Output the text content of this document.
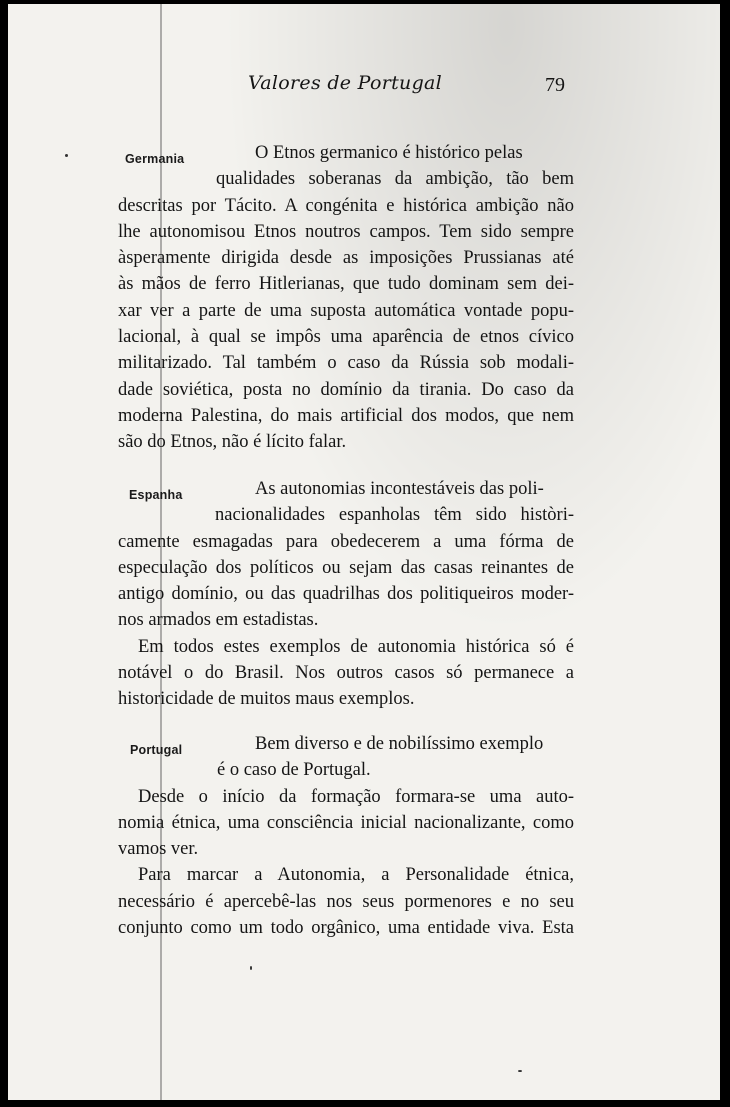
Valores de Portugal	79
Germania	O Etnos germanico é histórico pelas
qualidades soberanas da ambição, tão bem
descritas por Tácito. A congénita e histórica ambição não
lhe autonomisou Etnos noutros campos. Tem sido sempre
àsperamente dirigida desde as imposições Prussianas até
às mãos de ferro Hitlerianas, que tudo dominam sem dei-
xar ver a parte de uma suposta automática vontade popu-
lacional, à qual se impôs uma aparência de etnos cívico
militarizado. Tal também o caso da Rússia sob modali-
dade soviética, posta no domínio da tirania. Do caso da
moderna Palestina, do mais artificial dos modos, que nem
são do Etnos, não é lícito falar.
Espanha	As autonomias incontestáveis das poli-
nacionalidades espanholas têm sido històri-
camente esmagadas para obedecerem a uma fórma de
especulação dos políticos ou sejam das casas reinantes de
antigo domínio, ou das quadrilhas dos politiqueiros moder-
nos armados em estadistas.
Em todos estes exemplos de autonomia histórica só é
notável o do Brasil. Nos outros casos só permanece a
historicidade de muitos maus exemplos.
Portugal	Bem diverso e de nobilíssimo exemplo
é o caso de Portugal.
Desde o início da formação formara-se uma auto-
nomia étnica, uma consciência inicial nacionalizante, como
vamos ver.
Para marcar a Autonomia, a Personalidade étnica,
necessário é apercebê-las nos seus pormenores e no seu
conjunto como um todo orgânico, uma entidade viva. Esta
